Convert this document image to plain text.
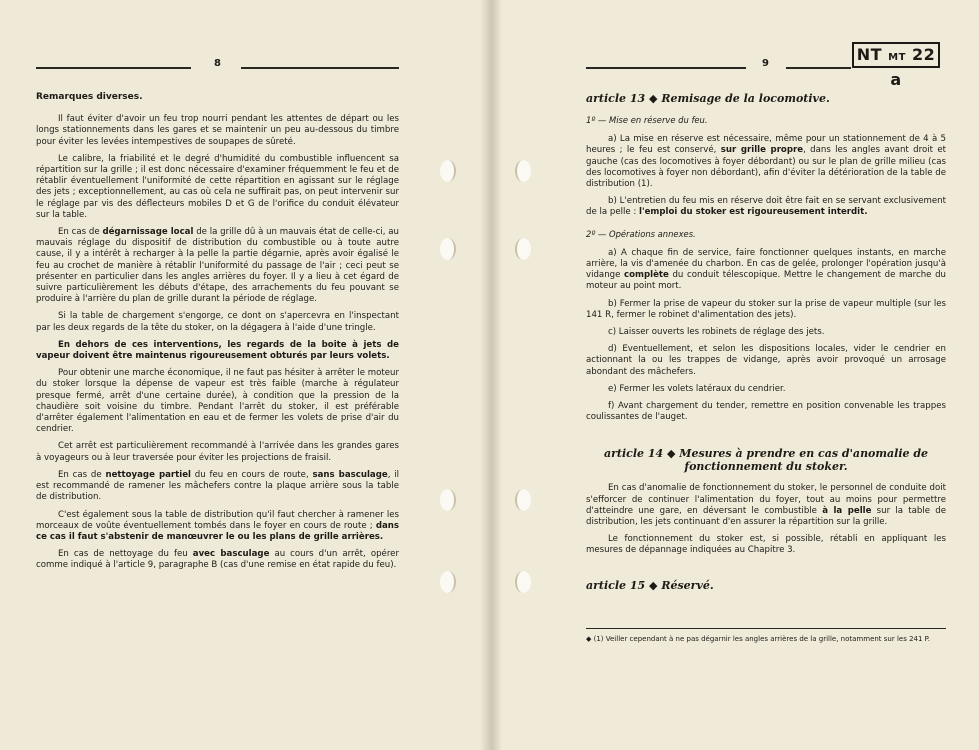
8

Remarques diverses.

Il faut éviter d'avoir un feu trop nourri pendant les attentes de départ ou les longs stationnements dans les gares et se maintenir un peu au-dessous du timbre pour éviter les levées intempestives de soupapes de sûreté.

Le calibre, la friabilité et le degré d'humidité du combustible influencent sa répartition sur la grille ; il est donc nécessaire d'examiner fréquemment le feu et de rétablir éventuellement l'uniformité de cette répartition en agissant sur le réglage des jets ; exceptionnellement, au cas où cela ne suffirait pas, on peut intervenir sur le réglage par vis des déflecteurs mobiles D et G de l'orifice du conduit élévateur sur la table.

En cas de dégarnissage local de la grille dû à un mauvais état de celle-ci, au mauvais réglage du dispositif de distribution du combustible ou à toute autre cause, il y a intérêt à recharger à la pelle la partie dégarnie, après avoir égalisé le feu au crochet de manière à rétablir l'uniformité du passage de l'air ; ceci peut se présenter en particulier dans les angles arrières du foyer. Il y a lieu à cet égard de suivre particulièrement les débuts d'étape, des arrachements du feu pouvant se produire à l'arrière du plan de grille durant la période de réglage.

Si la table de chargement s'engorge, ce dont on s'apercevra en l'inspectant par les deux regards de la tête du stoker, on la dégagera à l'aide d'une tringle.

En dehors de ces interventions, les regards de la boite à jets de vapeur doivent être maintenus rigoureusement obturés par leurs volets.

Pour obtenir une marche économique, il ne faut pas hésiter à arrêter le moteur du stoker lorsque la dépense de vapeur est très faible (marche à régulateur presque fermé, arrêt d'une certaine durée), à condition que la pression de la chaudière soit voisine du timbre. Pendant l'arrêt du stoker, il est préférable d'arrêter également l'alimentation en eau et de fermer les volets de prise d'air du cendrier.

Cet arrêt est particulièrement recommandé à l'arrivée dans les grandes gares à voyageurs ou à leur traversée pour éviter les projections de fraisil.

En cas de nettoyage partiel du feu en cours de route, sans basculage, il est recommandé de ramener les mâchefers contre la plaque arrière sous la table de distribution.

C'est également sous la table de distribution qu'il faut chercher à ramener les morceaux de voûte éventuellement tombés dans le foyer en cours de route ; dans ce cas il faut s'abstenir de manœuvrer le ou les plans de grille arrières.

En cas de nettoyage du feu avec basculage au cours d'un arrêt, opérer comme indiqué à l'article 9, paragraphe B (cas d'une remise en état rapide du feu).

9	NT MT 22 a

article 13 ◆ Remisage de la locomotive.

1º — Mise en réserve du feu.

a) La mise en réserve est nécessaire, même pour un stationnement de 4 à 5 heures ; le feu est conservé, sur grille propre, dans les angles avant droit et gauche (cas des locomotives à foyer débordant) ou sur le plan de grille milieu (cas des locomotives à foyer non débordant), afin d'éviter la détérioration de la table de distribution (1).

b) L'entretien du feu mis en réserve doit être fait en se servant exclusivement de la pelle : l'emploi du stoker est rigoureusement interdit.

2º — Opérations annexes.

a) A chaque fin de service, faire fonctionner quelques instants, en marche arrière, la vis d'amenée du charbon. En cas de gelée, prolonger l'opération jusqu'à vidange complète du conduit télescopique. Mettre le changement de marche du moteur au point mort.

b) Fermer la prise de vapeur du stoker sur la prise de vapeur multiple (sur les 141 R, fermer le robinet d'alimentation des jets).

c) Laisser ouverts les robinets de réglage des jets.

d) Eventuellement, et selon les dispositions locales, vider le cendrier en actionnant la ou les trappes de vidange, après avoir provoqué un arrosage abondant des mâchefers.

e) Fermer les volets latéraux du cendrier.

f) Avant chargement du tender, remettre en position convenable les trappes coulissantes de l'auget.

article 14 ◆ Mesures à prendre en cas d'anomalie de fonctionnement du stoker.

En cas d'anomalie de fonctionnement du stoker, le personnel de conduite doit s'efforcer de continuer l'alimentation du foyer, tout au moins pour permettre d'atteindre une gare, en déversant le combustible à la pelle sur la table de distribution, les jets continuant d'en assurer la répartition sur la grille.

Le fonctionnement du stoker est, si possible, rétabli en appliquant les mesures de dépannage indiquées au Chapitre 3.

article 15 ◆ Réservé.

◆ (1) Veiller cependant à ne pas dégarnir les angles arrières de la grille, notamment sur les 241 P.
